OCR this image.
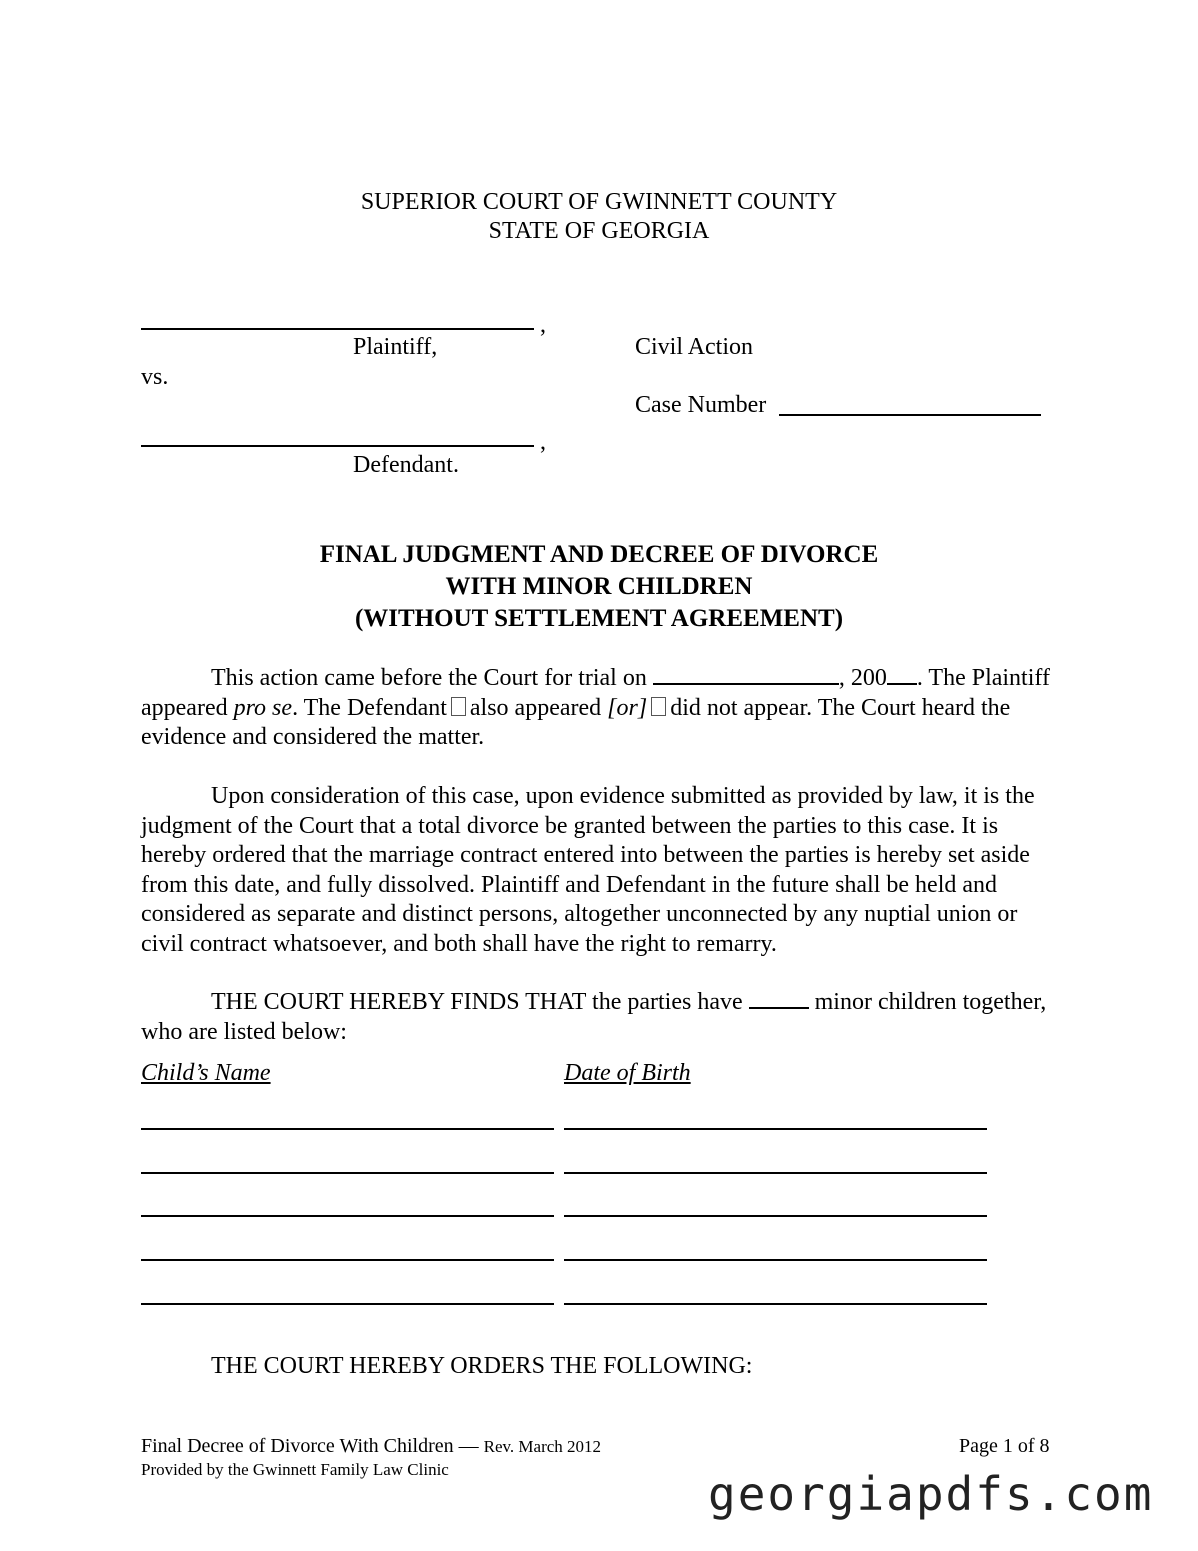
SUPERIOR COURT OF GWINNETT COUNTY
STATE OF GEORGIA
,
Plaintiff,
vs.
,
Defendant.
Civil Action
Case Number
FINAL JUDGMENT AND DECREE OF DIVORCE
WITH MINOR CHILDREN
(WITHOUT SETTLEMENT AGREEMENT)
This action came before the Court for trial on	, 200 . The Plaintiff appeared pro se. The Defendant also appeared [or] did not appear. The Court heard the evidence and considered the matter.
Upon consideration of this case, upon evidence submitted as provided by law, it is the judgment of the Court that a total divorce be granted between the parties to this case. It is hereby ordered that the marriage contract entered into between the parties is hereby set aside from this date, and fully dissolved. Plaintiff and Defendant in the future shall be held and considered as separate and distinct persons, altogether unconnected by any nuptial union or civil contract whatsoever, and both shall have the right to remarry.
THE COURT HEREBY FINDS THAT the parties have	minor children together, who are listed below:
Child’s Name	Date of Birth
THE COURT HEREBY ORDERS THE FOLLOWING:
Final Decree of Divorce With Children — Rev. March 2012	Page 1 of 8
Provided by the Gwinnett Family Law Clinic	georgiapdfs.com
